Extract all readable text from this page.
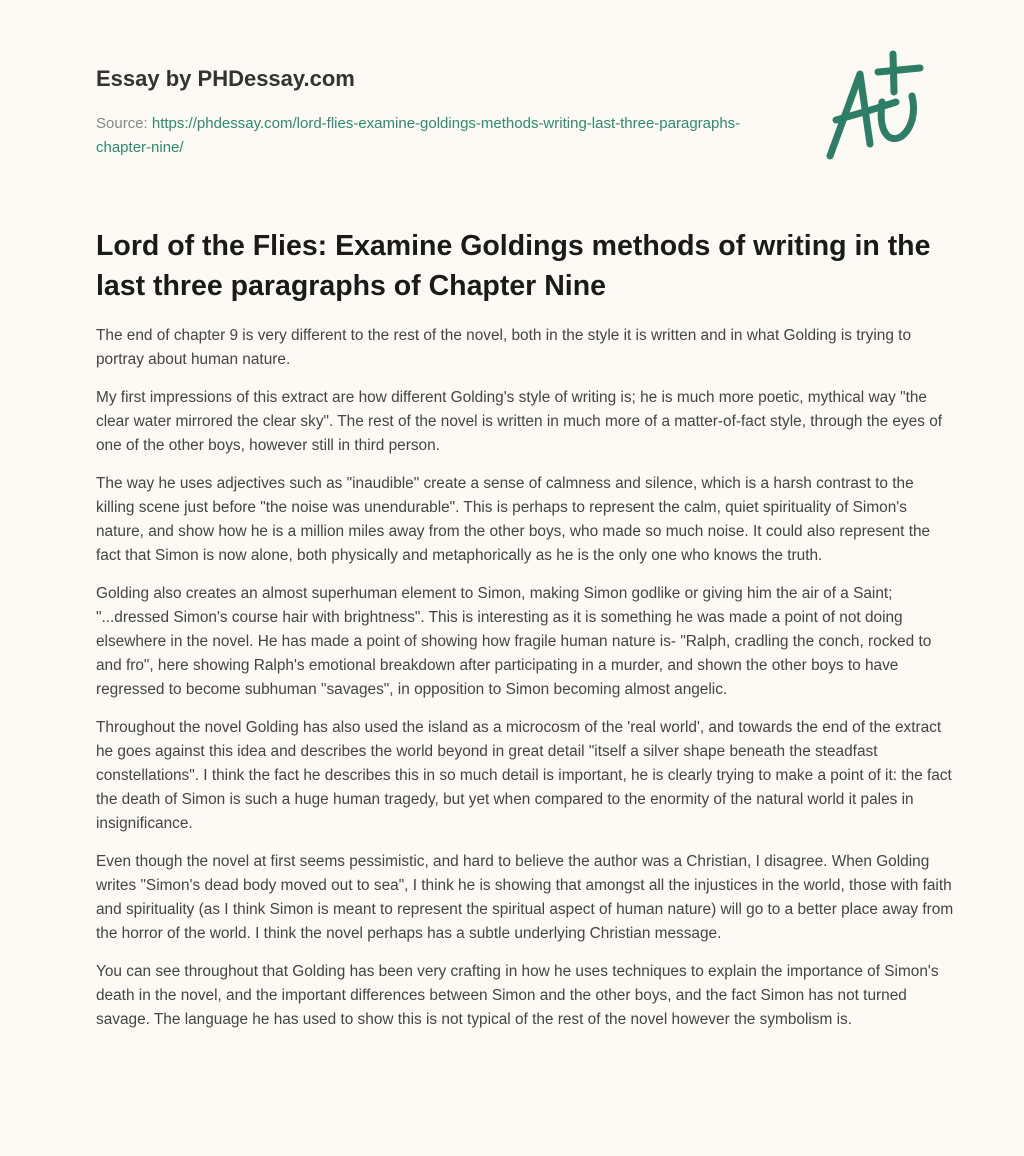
Essay by PHDessay.com
Source: https://phdessay.com/lord-flies-examine-goldings-methods-writing-last-three-paragraphs-chapter-nine/
Lord of the Flies: Examine Goldings methods of writing in the last three paragraphs of Chapter Nine

The end of chapter 9 is very different to the rest of the novel, both in the style it is written and in what Golding is trying to portray about human nature.

My first impressions of this extract are how different Golding's style of writing is; he is much more poetic, mythical way "the clear water mirrored the clear sky". The rest of the novel is written in much more of a matter-of-fact style, through the eyes of one of the other boys, however still in third person.

The way he uses adjectives such as "inaudible" create a sense of calmness and silence, which is a harsh contrast to the killing scene just before "the noise was unendurable". This is perhaps to represent the calm, quiet spirituality of Simon's nature, and show how he is a million miles away from the other boys, who made so much noise. It could also represent the fact that Simon is now alone, both physically and metaphorically as he is the only one who knows the truth.

Golding also creates an almost superhuman element to Simon, making Simon godlike or giving him the air of a Saint; "...dressed Simon's course hair with brightness". This is interesting as it is something he was made a point of not doing elsewhere in the novel. He has made a point of showing how fragile human nature is- "Ralph, cradling the conch, rocked to and fro", here showing Ralph's emotional breakdown after participating in a murder, and shown the other boys to have regressed to become subhuman "savages", in opposition to Simon becoming almost angelic.

Throughout the novel Golding has also used the island as a microcosm of the 'real world', and towards the end of the extract he goes against this idea and describes the world beyond in great detail "itself a silver shape beneath the steadfast constellations". I think the fact he describes this in so much detail is important, he is clearly trying to make a point of it: the fact the death of Simon is such a huge human tragedy, but yet when compared to the enormity of the natural world it pales in insignificance.

Even though the novel at first seems pessimistic, and hard to believe the author was a Christian, I disagree. When Golding writes "Simon's dead body moved out to sea", I think he is showing that amongst all the injustices in the world, those with faith and spirituality (as I think Simon is meant to represent the spiritual aspect of human nature) will go to a better place away from the horror of the world. I think the novel perhaps has a subtle underlying Christian message.

You can see throughout that Golding has been very crafting in how he uses techniques to explain the importance of Simon's death in the novel, and the important differences between Simon and the other boys, and the fact Simon has not turned savage. The language he has used to show this is not typical of the rest of the novel however the symbolism is.
